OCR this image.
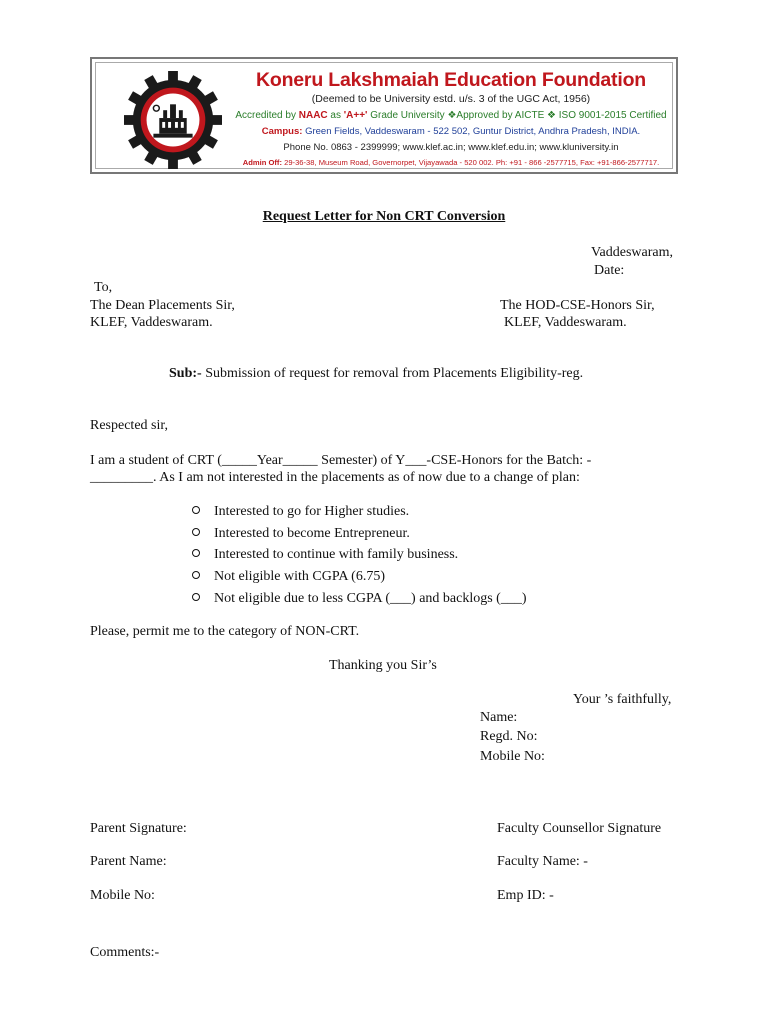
Koneru Lakshmaiah Education Foundation
(Deemed to be University estd. u/s. 3 of the UGC Act, 1956)
Accredited by NAAC as 'A++' Grade University ❖Approved by AICTE ❖ ISO 9001-2015 Certified
Campus: Green Fields, Vaddeswaram - 522 502, Guntur District, Andhra Pradesh, INDIA.
Phone No. 0863 - 2399999; www.klef.ac.in; www.klef.edu.in; www.kluniversity.in
Admin Off: 29-36-38, Museum Road, Governorpet, Vijayawada - 520 002. Ph: +91 - 866 -2577715, Fax: +91-866-2577717.
Request Letter for Non CRT Conversion
Vaddeswaram,
Date:
To,
The Dean Placements Sir,
KLEF, Vaddeswaram.
The HOD-CSE-Honors Sir,
KLEF, Vaddeswaram.
Sub:- Submission of request for removal from Placements Eligibility-reg.
Respected sir,
I am a student of CRT (_____Year_____ Semester) of Y___-CSE-Honors for the Batch: -
_________. As I am not interested in the placements as of now due to a change of plan:
Interested to go for Higher studies.
Interested to become Entrepreneur.
Interested to continue with family business.
Not eligible with CGPA (6.75)
Not eligible due to less CGPA (___) and backlogs (___)
Please, permit me to the category of NON-CRT.
Thanking you Sir’s
Your ’s faithfully,
Name:
Regd. No:
Mobile No:
Parent Signature:
Parent Name:
Mobile No:
Faculty Counsellor Signature
Faculty Name: -
Emp ID: -
Comments:-
